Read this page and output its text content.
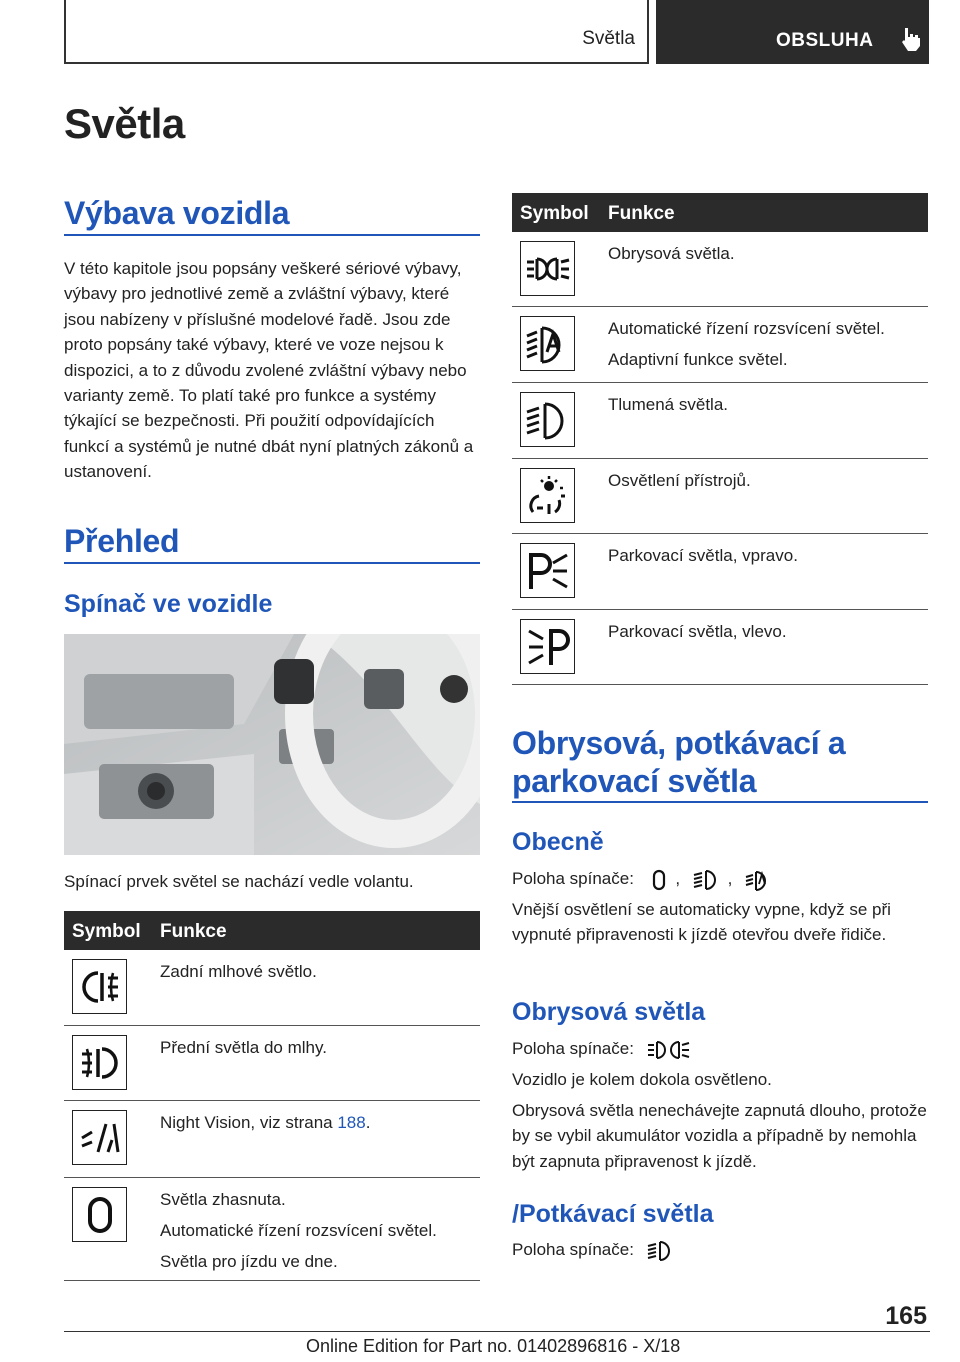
Světla	OBSLUHA
Světla
Výbava vozidla
V této kapitole jsou popsány veškeré sériové výbavy, výbavy pro jednotlivé země a zvláštní výbavy, které jsou nabízeny v příslušné modelové řadě. Jsou zde proto popsány také výbavy, které ve voze nejsou k dispozici, a to z důvodu zvolené zvláštní výbavy nebo varianty země. To platí také pro funkce a systémy týkající se bezpečnosti. Při použití odpovídajících funkcí a systémů je nutné dbát nyní platných zákonů a ustanovení.
Přehled
Spínač ve vozidle
Spínací prvek světel se nachází vedle volantu.
Symbol Funkce
Zadní mlhové světlo.
Přední světla do mlhy.
Night Vision, viz strana 188.
Světla zhasnuta.
Automatické řízení rozsvícení světel.
Světla pro jízdu ve dne.
Symbol Funkce
Obrysová světla.
Automatické řízení rozsvícení světel.
Adaptivní funkce světel.
Tlumená světla.
Osvětlení přístrojů.
Parkovací světla, vpravo.
Parkovací světla, vlevo.
Obrysová, potkávací a
parkovací světla
Obecně
Poloha spínače: ,	,
Vnější osvětlení se automaticky vypne, když se při vypnuté připravenosti k jízdě otevřou dveře řidiče.
Obrysová světla
Poloha spínače:
Vozidlo je kolem dokola osvětleno.
Obrysová světla nenechávejte zapnutá dlouho, protože by se vybil akumulátor vozidla a případně by nemohla být zapnuta připravenost k jízdě.
/Potkávací světla
Poloha spínače:
165
Online Edition for Part no. 01402896816 - X/18
